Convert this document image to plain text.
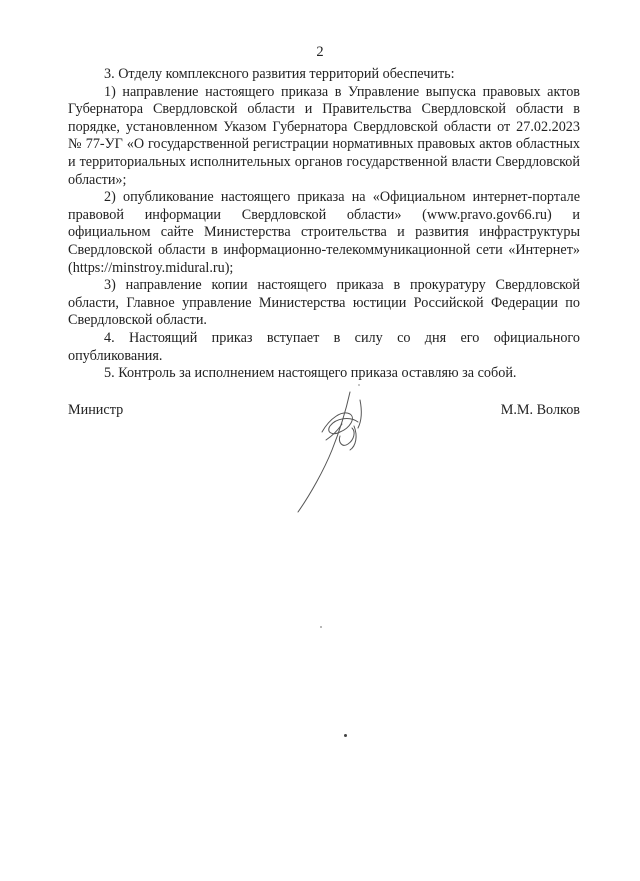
2

3. Отделу комплексного развития территорий обеспечить:

1) направление настоящего приказа в Управление выпуска правовых актов Губернатора Свердловской области и Правительства Свердловской области в порядке, установленном Указом Губернатора Свердловской области от 27.02.2023 № 77-УГ «О государственной регистрации нормативных правовых актов областных и территориальных исполнительных органов государственной власти Свердловской области»;

2) опубликование настоящего приказа на «Официальном интернет-портале правовой информации Свердловской области» (www.pravo.gov66.ru) и официальном сайте Министерства строительства и развития инфраструктуры Свердловской области в информационно-телекоммуникационной сети «Интернет» (https://minstroy.midural.ru);

3) направление копии настоящего приказа в прокуратуру Свердловской области, Главное управление Министерства юстиции Российской Федерации по Свердловской области.

4. Настоящий приказ вступает в силу со дня его официального опубликования.

5. Контроль за исполнением настоящего приказа оставляю за собой.

Министр	М.М. Волков
